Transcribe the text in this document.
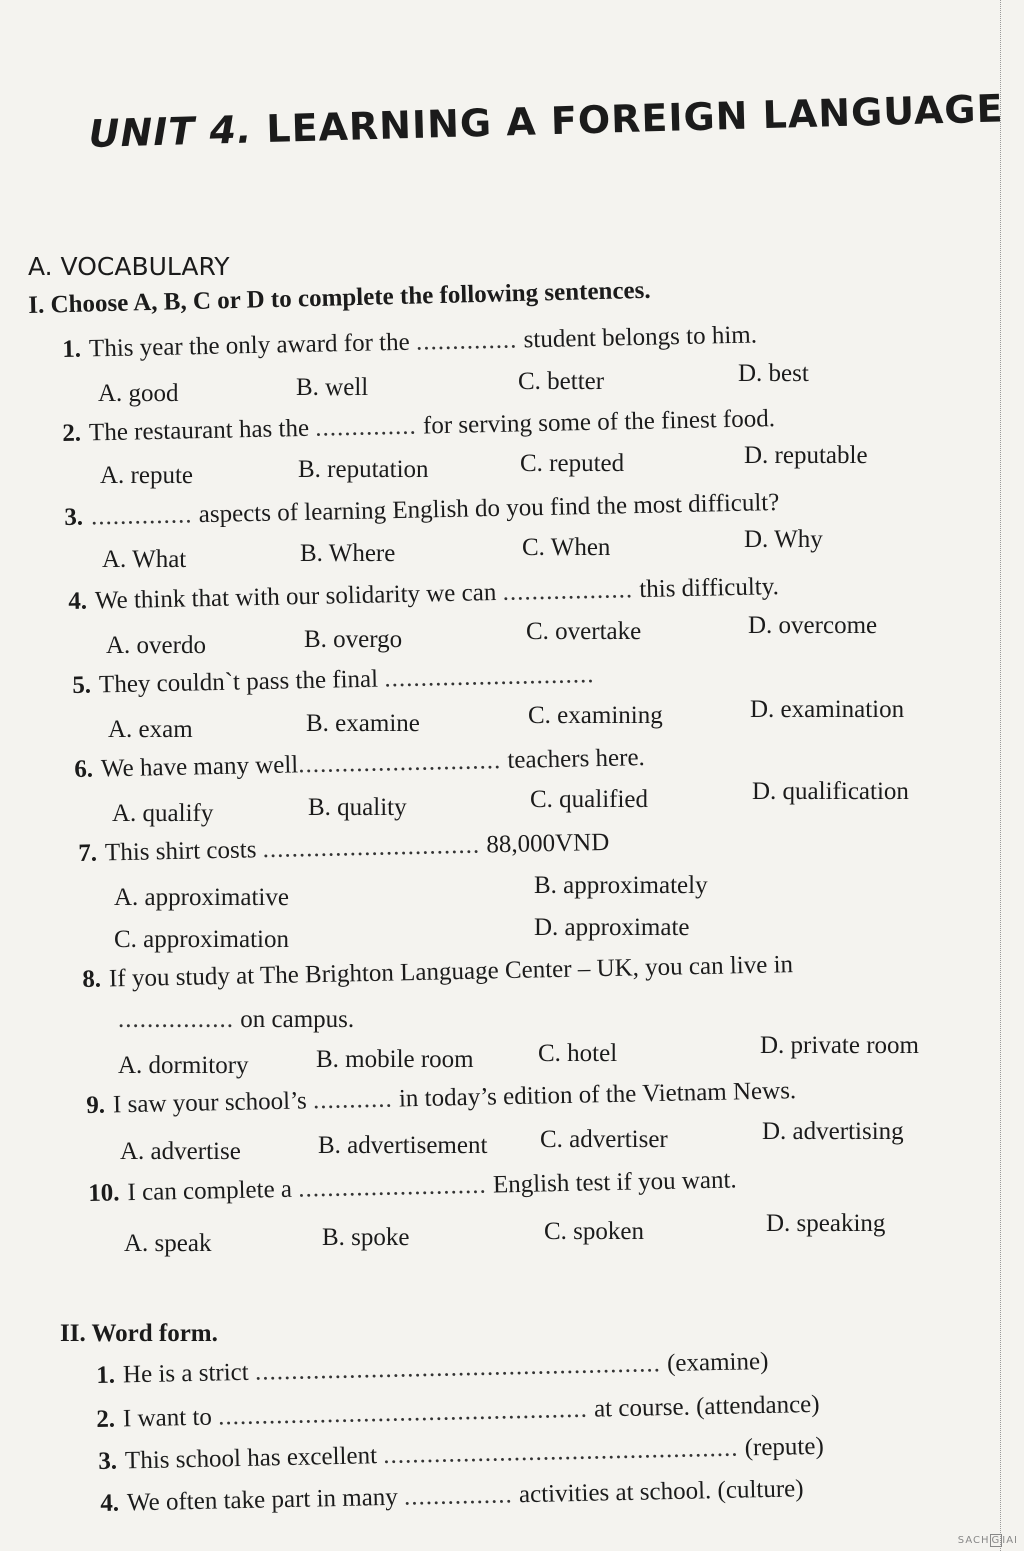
UNIT 4. LEARNING A FOREIGN LANGUAGE
A. VOCABULARY
I. Choose A, B, C or D to complete the following sentences.
1. This year the only award for the .............. student belongs to him.
A. good	B. well	C. better	D. best
2. The restaurant has the .............. for serving some of the finest food.
A. repute	B. reputation	C. reputed	D. reputable
3. .............. aspects of learning English do you find the most difficult?
A. What	B. Where	C. When	D. Why
4. We think that with our solidarity we can .................. this difficulty.
A. overdo	B. overgo	C. overtake	D. overcome
5. They couldn`t pass the final .............................
A. exam	B. examine	C. examining	D. examination
6. We have many well............................ teachers here.
A. qualify	B. quality	C. qualified	D. qualification
7. This shirt costs .............................. 88,000VND
A. approximative	B. approximately
C. approximation	D. approximate
8. If you study at The Brighton Language Center – UK, you can live in
................ on campus.
A. dormitory	B. mobile room	C. hotel	D. private room
9. I saw your school’s ........... in today’s edition of the Vietnam News.
A. advertise	B. advertisement C. advertiser	D. advertising
10. I can complete a .......................... English test if you want.
A. speak	B. spoke	C. spoken	D. speaking
II. Word form.
1. He is a strict ........................................................ (examine)
2. I want to ................................................... at course. (attendance)
3. This school has excellent ................................................. (repute)
4. We often take part in many ............... activities at school. (culture)
SACH G IAI
